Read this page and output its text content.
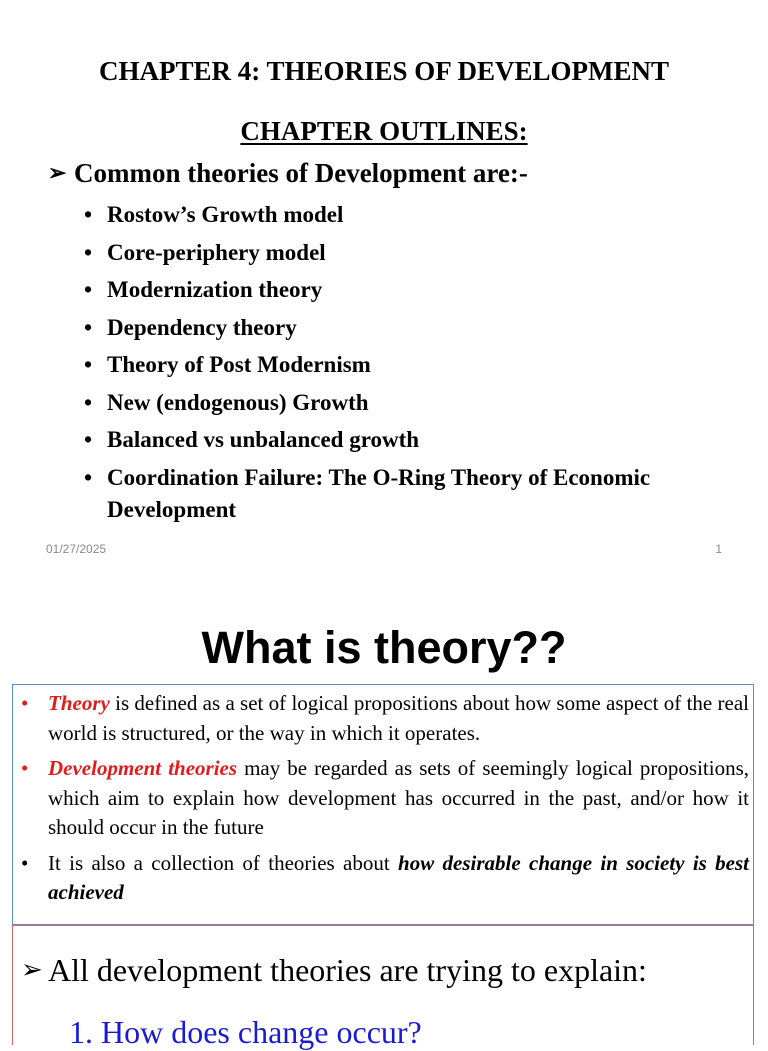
CHAPTER 4: THEORIES OF DEVELOPMENT
CHAPTER OUTLINES:
➢ Common theories of Development are:-
• Rostow’s Growth model
• Core-periphery model
• Modernization theory
• Dependency theory
• Theory of Post Modernism
• New (endogenous) Growth
• Balanced vs unbalanced growth
• Coordination Failure: The O-Ring Theory of Economic Development
01/27/2025	1
What is theory??
• Theory is defined as a set of logical propositions about how some aspect of the real world is structured, or the way in which it operates.
• Development theories may be regarded as sets of seemingly logical propositions, which aim to explain how development has occurred in the past, and/or how it should occur in the future
• It is also a collection of theories about how desirable change in society is best achieved
➢ All development theories are trying to explain:
1. How does change occur?
